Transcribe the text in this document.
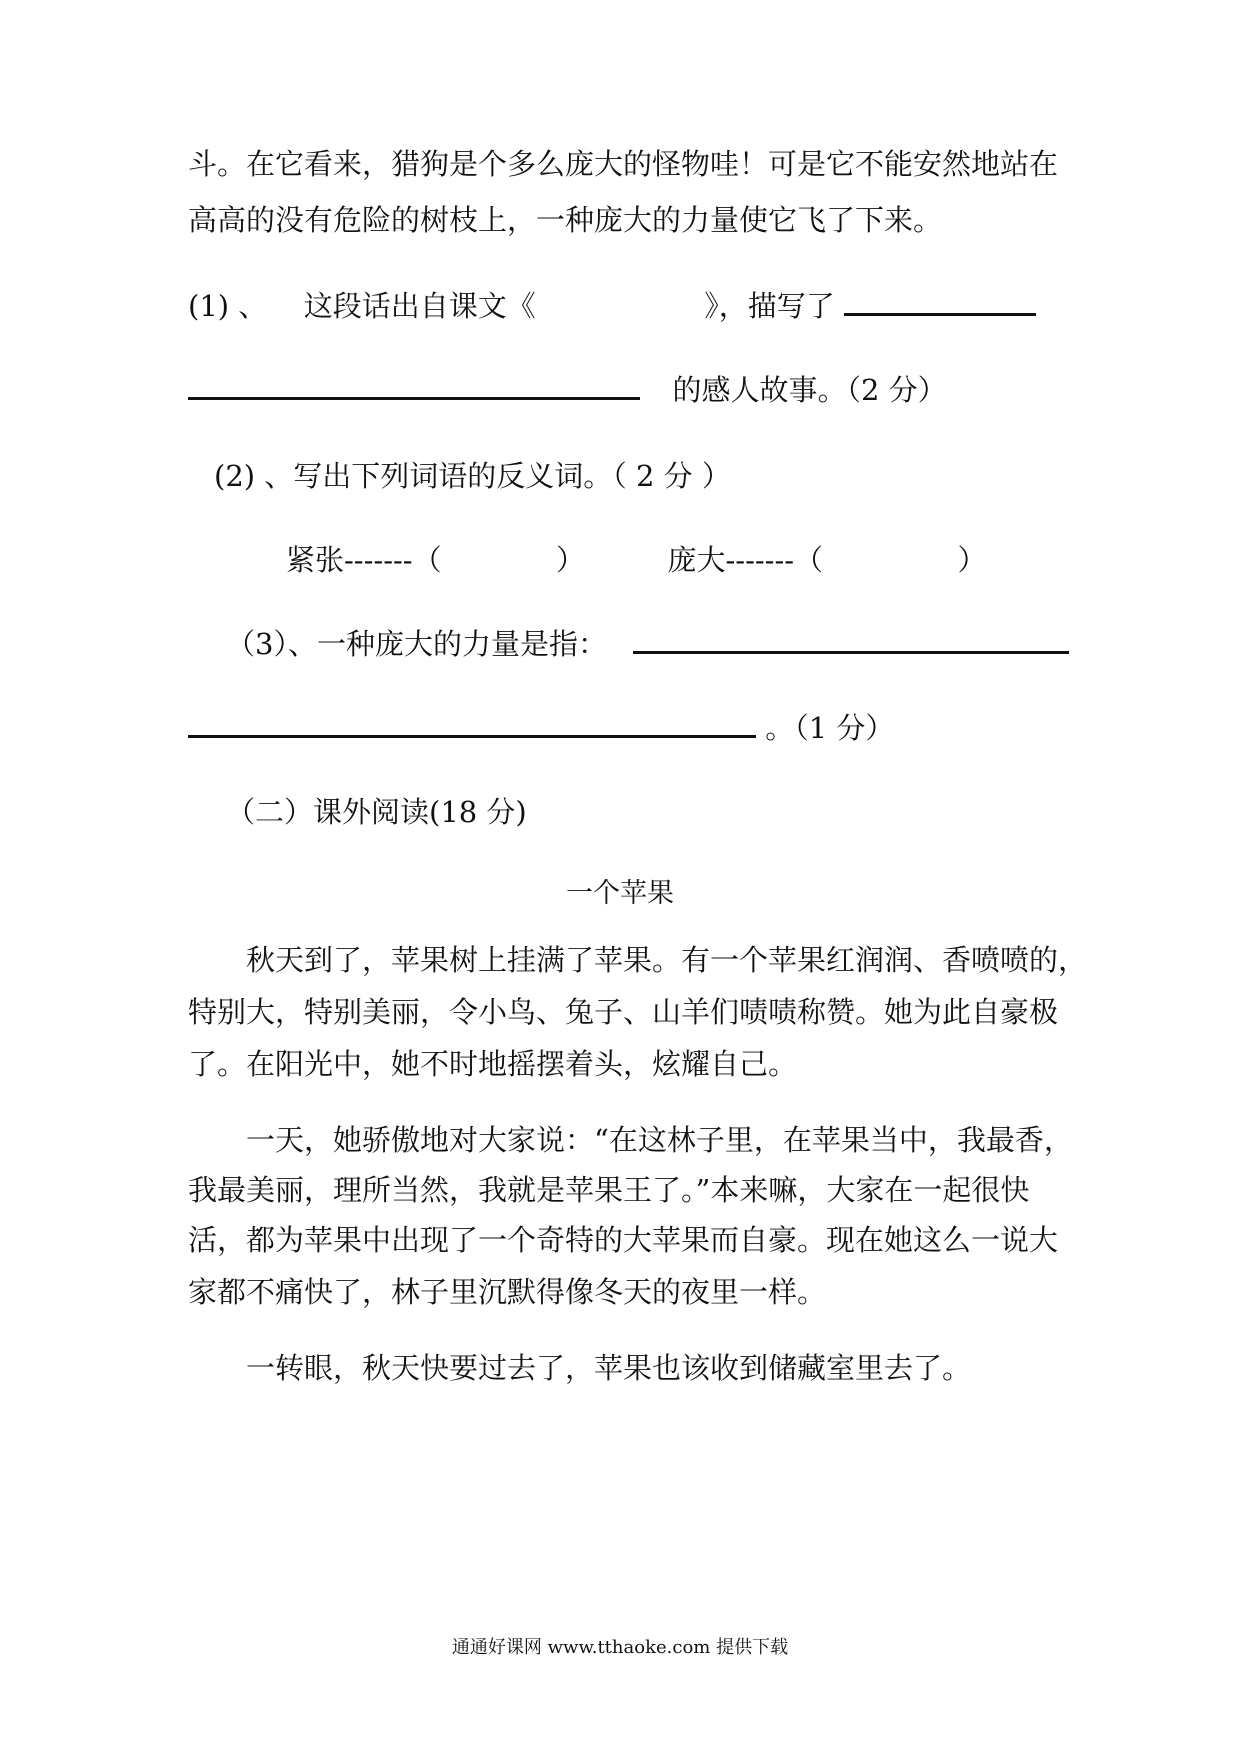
斗。在它看来，猎狗是个多么庞大的怪物哇！可是它不能安然地站在
高高的没有危险的树枝上，一种庞大的力量使它飞了下来。
(1) 、 这段话出自课文《	》，描写了
的感人故事。（2 分）
(2) 、写出下列词语的反义词。（ 2 分 ）
紧张-------（	）	庞大-------（	）
（3）、一种庞大的力量是指：
。（1 分）
（二）课外阅读(18 分)
一个苹果
秋天到了，苹果树上挂满了苹果。有一个苹果红润润、香喷喷的，
特别大，特别美丽，令小鸟、兔子、山羊们啧啧称赞。她为此自豪极
了。在阳光中，她不时地摇摆着头，炫耀自己。
一天，她骄傲地对大家说：“在这林子里，在苹果当中，我最香，
我最美丽，理所当然，我就是苹果王了。”本来嘛，大家在一起很快
活，都为苹果中出现了一个奇特的大苹果而自豪。现在她这么一说大
家都不痛快了，林子里沉默得像冬天的夜里一样。
一转眼，秋天快要过去了，苹果也该收到储藏室里去了。
通通好课网 www.tthaoke.com 提供下载
